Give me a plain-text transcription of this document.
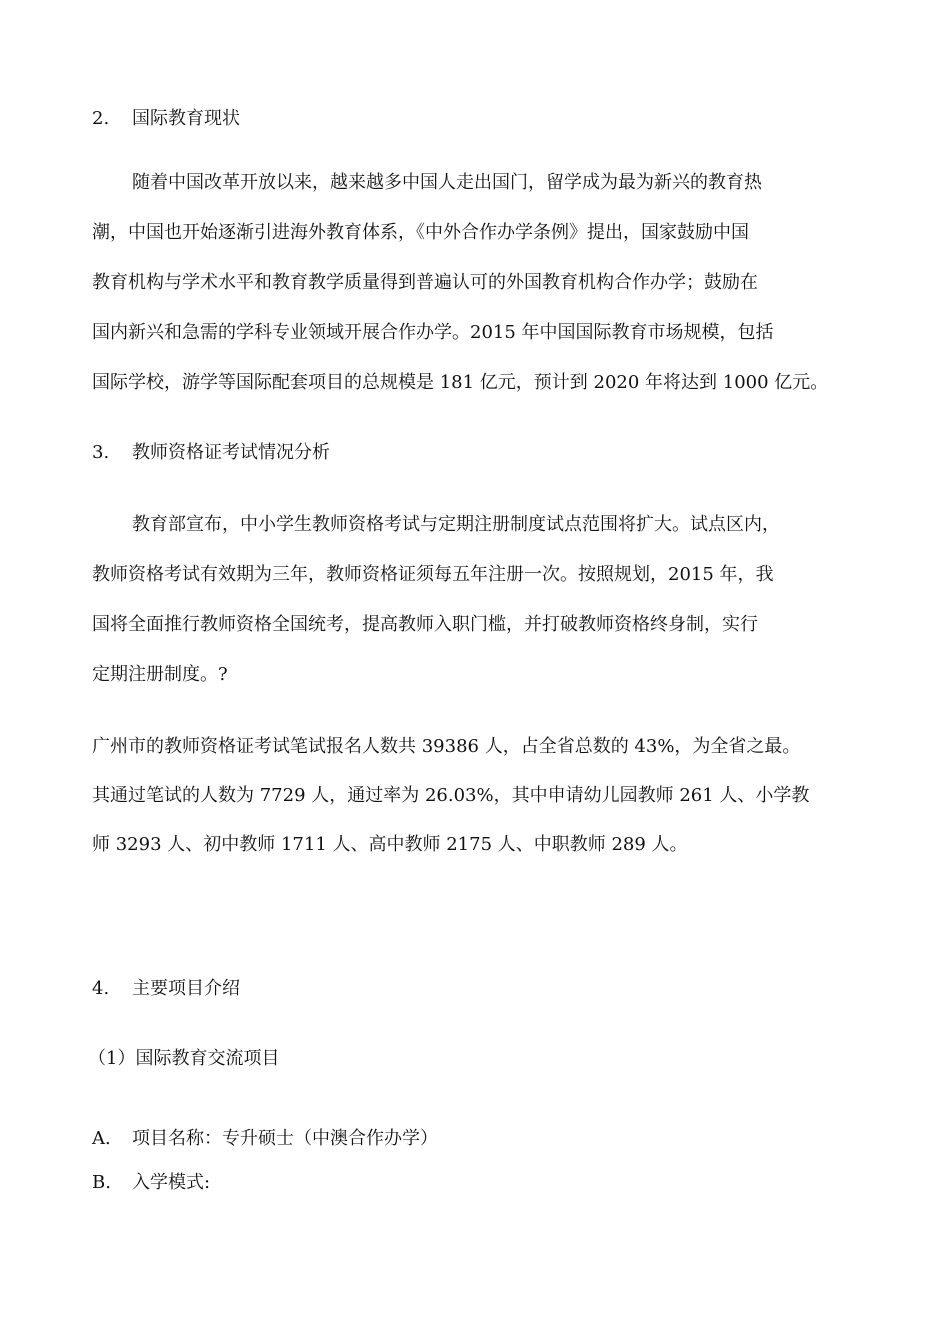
2. 国际教育现状
随着中国改革开放以来，越来越多中国人走出国门，留学成为最为新兴的教育热
潮，中国也开始逐渐引进海外教育体系，《中外合作办学条例》提出，国家鼓励中国
教育机构与学术水平和教育教学质量得到普遍认可的外国教育机构合作办学；鼓励在
国内新兴和急需的学科专业领域开展合作办学。2015 年中国国际教育市场规模，包括
国际学校，游学等国际配套项目的总规模是 181 亿元，预计到 2020 年将达到 1000 亿元。
3. 教师资格证考试情况分析
教育部宣布，中小学生教师资格考试与定期注册制度试点范围将扩大。试点区内，
教师资格考试有效期为三年，教师资格证须每五年注册一次。按照规划，2015 年，我
国将全面推行教师资格全国统考，提高教师入职门槛，并打破教师资格终身制，实行
定期注册制度。?
广州市的教师资格证考试笔试报名人数共 39386 人，占全省总数的 43%，为全省之最。
其通过笔试的人数为 7729 人，通过率为 26.03%，其中申请幼儿园教师 261 人、小学教
师 3293 人、初中教师 1711 人、高中教师 2175 人、中职教师 289 人。
4. 主要项目介绍
（1）国际教育交流项目
A. 项目名称：专升硕士（中澳合作办学）
B. 入学模式:
